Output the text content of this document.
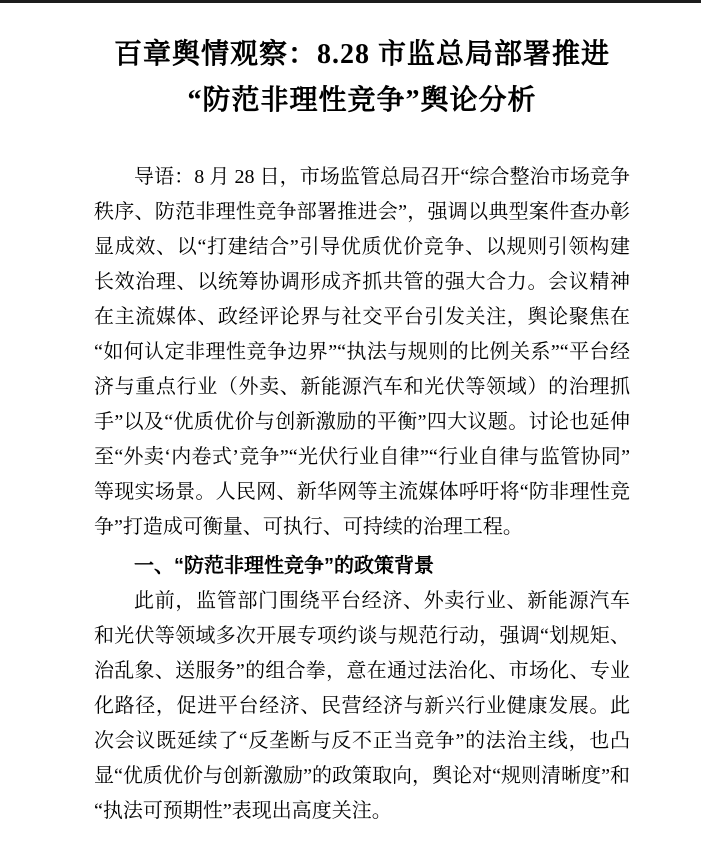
百章舆情观察：8.28 市监总局部署推进“防范非理性竞争”舆论分析

导语：8 月 28 日，市场监管总局召开“综合整治市场竞争秩序、防范非理性竞争部署推进会”，强调以典型案件查办彰显成效、以“打建结合”引导优质优价竞争、以规则引领构建长效治理、以统筹协调形成齐抓共管的强大合力。会议精神在主流媒体、政经评论界与社交平台引发关注，舆论聚焦在“如何认定非理性竞争边界”“执法与规则的比例关系”“平台经济与重点行业（外卖、新能源汽车和光伏等领域）的治理抓手”以及“优质优价与创新激励的平衡”四大议题。讨论也延伸至“外卖‘内卷式’竞争”“光伏行业自律”“行业自律与监管协同”等现实场景。人民网、新华网等主流媒体呼吁将“防非理性竞争”打造成可衡量、可执行、可持续的治理工程。

一、“防范非理性竞争”的政策背景

此前，监管部门围绕平台经济、外卖行业、新能源汽车和光伏等领域多次开展专项约谈与规范行动，强调“划规矩、治乱象、送服务”的组合拳，意在通过法治化、市场化、专业化路径，促进平台经济、民营经济与新兴行业健康发展。此次会议既延续了“反垄断与反不正当竞争”的法治主线，也凸显“优质优价与创新激励”的政策取向，舆论对“规则清晰度”和“执法可预期性”表现出高度关注。
